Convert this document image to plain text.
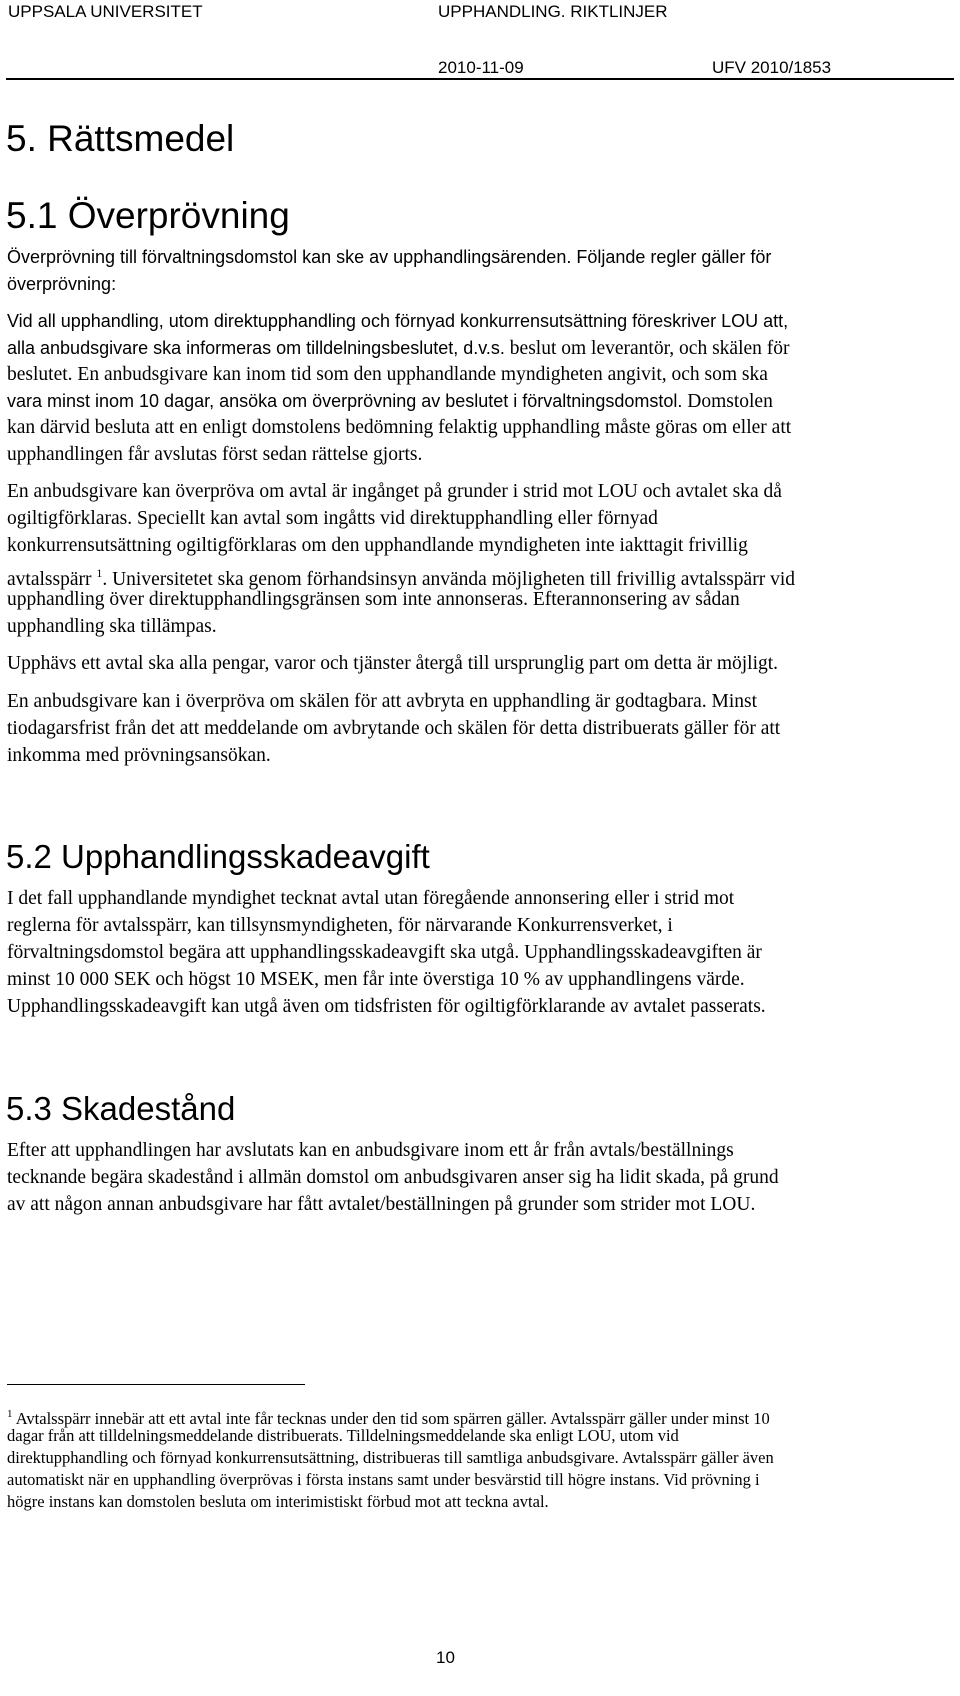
UPPSALA UNIVERSITET	UPPHANDLING. RIKTLINJER
2010-11-09	UFV 2010/1853
5. Rättsmedel
5.1 Överprövning
Överprövning till förvaltningsdomstol kan ske av upphandlingsärenden. Följande regler gäller för
överprövning:
Vid all upphandling, utom direktupphandling och förnyad konkurrensutsättning föreskriver LOU att,
alla anbudsgivare ska informeras om tilldelningsbeslutet, d.v.s. beslut om leverantör, och skälen för
beslutet. En anbudsgivare kan inom tid som den upphandlande myndigheten angivit, och som ska
vara minst inom 10 dagar, ansöka om överprövning av beslutet i förvaltningsdomstol. Domstolen
kan därvid besluta att en enligt domstolens bedömning felaktig upphandling måste göras om eller att
upphandlingen får avslutas först sedan rättelse gjorts.
En anbudsgivare kan överpröva om avtal är ingånget på grunder i strid mot LOU och avtalet ska då
ogiltigförklaras. Speciellt kan avtal som ingåtts vid direktupphandling eller förnyad
konkurrensutsättning ogiltigförklaras om den upphandlande myndigheten inte iakttagit frivillig
avtalsspärr $^1$. Universitetet ska genom förhandsinsyn använda möjligheten till frivillig avtalsspärr vid
upphandling över direktupphandlingsgränsen som inte annonseras. Efterannonsering av sådan
upphandling ska tillämpas.
Upphävs ett avtal ska alla pengar, varor och tjänster återgå till ursprunglig part om detta är möjligt.
En anbudsgivare kan i överpröva om skälen för att avbryta en upphandling är godtagbara. Minst
tiodagarsfrist från det att meddelande om avbrytande och skälen för detta distribuerats gäller för att
inkomma med prövningsansökan.
5.2 Upphandlingsskadeavgift
I det fall upphandlande myndighet tecknat avtal utan föregående annonsering eller i strid mot
reglerna för avtalsspärr, kan tillsynsmyndigheten, för närvarande Konkurrensverket, i
förvaltningsdomstol begära att upphandlingsskadeavgift ska utgå. Upphandlingsskadeavgiften är
minst 10 000 SEK och högst 10 MSEK, men får inte överstiga 10 % av upphandlingens värde.
Upphandlingsskadeavgift kan utgå även om tidsfristen för ogiltigförklarande av avtalet passerats.
5.3 Skadestånd
Efter att upphandlingen har avslutats kan en anbudsgivare inom ett år från avtals/beställnings
tecknande begära skadestånd i allmän domstol om anbudsgivaren anser sig ha lidit skada, på grund
av att någon annan anbudsgivare har fått avtalet/beställningen på grunder som strider mot LOU.
$^1$ Avtalsspärr innebär att ett avtal inte får tecknas under den tid som spärren gäller. Avtalsspärr gäller under minst 10
dagar från att tilldelningsmeddelande distribuerats. Tilldelningsmeddelande ska enligt LOU, utom vid
direktupphandling och förnyad konkurrensutsättning, distribueras till samtliga anbudsgivare. Avtalsspärr gäller även
automatiskt när en upphandling överprövas i första instans samt under besvärstid till högre instans. Vid prövning i
högre instans kan domstolen besluta om interimistiskt förbud mot att teckna avtal.
10
